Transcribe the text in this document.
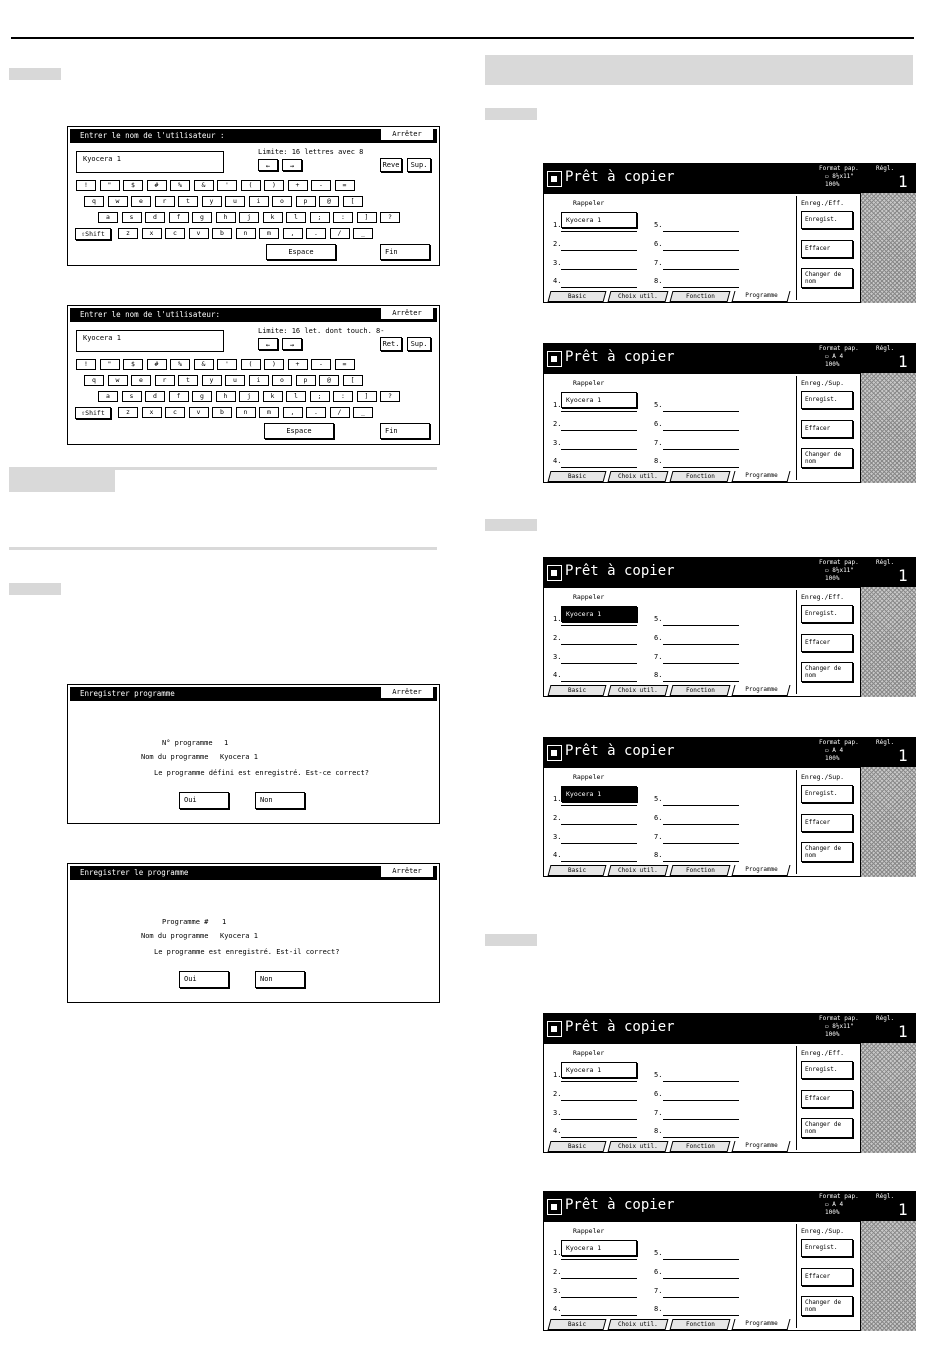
Entrer le nom de l'utilisateur :	Arrêter
Kyocera 1
Limite: 16 lettres avec 8
←	→	Reve	Sup.
!	"	$	#	%	&	'	(	)	+	-	=
q	w	e	r	t	y	u	i	o	p	@	[
a	s	d	f	g	h	j	k	l	;	:	]	?
z	x	c	v	b	n	m	,	.	/	_
⇧Shift
Espace	Fin
Entrer le nom de l'utilisateur:	Arrêter
Kyocera 1
Limite: 16 let. dont touch. 8-
←	→	Ret.	Sup.
!	"	$	#	%	&	'	(	)	+	-	=
q	w	e	r	t	y	u	i	o	p	@	[
a	s	d	f	g	h	j	k	l	;	:	]	?
z	x	c	v	b	n	m	,	.	/	_
⇧Shift
Espace	Fin
Enregistrer programme	Arrêter
N° programme 1
Nom du programme Kyocera 1
Le programme défini est enregistré. Est-ce correct?
Oui	Non
Enregistrer le programme	Arrêter
Programme # 1
Nom du programme Kyocera 1
Le programme est enregistré. Est-il correct?
Oui	Non
Prêt à copier
Format pap.
▭ 8½x11"
100%
Régl.
1
Rappeler
1.	5.
2.	6.
3.	7.
4.	8.
Kyocera 1
Enreg./Eff.
Enregist.
Effacer
Changer de nom
Basic	Choix util.	Fonction	Programme
Prêt à copier
Format pap.
▭ A 4
100%
Régl.
1
Rappeler
1.	5.
2.	6.
3.	7.
4.	8.
Kyocera 1
Enreg./Sup.
Enregist.
Effacer
Changer de nom
Basic	Choix util.	Fonction	Programme
Prêt à copier
Format pap.
▭ 8½x11"
100%
Régl.
1
Rappeler
1.	5.
2.	6.
3.	7.
4.	8.
Kyocera 1
Enreg./Eff.
Enregist.
Effacer
Changer de nom
Basic	Choix util.	Fonction	Programme
Prêt à copier
Format pap.
▭ A 4
100%
Régl.
1
Rappeler
1.	5.
2.	6.
3.	7.
4.	8.
Kyocera 1
Enreg./Sup.
Enregist.
Effacer
Changer de nom
Basic	Choix util.	Fonction	Programme
Prêt à copier
Format pap.
▭ 8½x11"
100%
Régl.
1
Rappeler
1.	5.
2.	6.
3.	7.
4.	8.
Kyocera 1
Enreg./Eff.
Enregist.
Effacer
Changer de nom
Basic	Choix util.	Fonction	Programme
Prêt à copier
Format pap.
▭ A 4
100%
Régl.
1
Rappeler
1.	5.
2.	6.
3.	7.
4.	8.
Kyocera 1
Enreg./Sup.
Enregist.
Effacer
Changer de nom
Basic	Choix util.	Fonction	Programme
